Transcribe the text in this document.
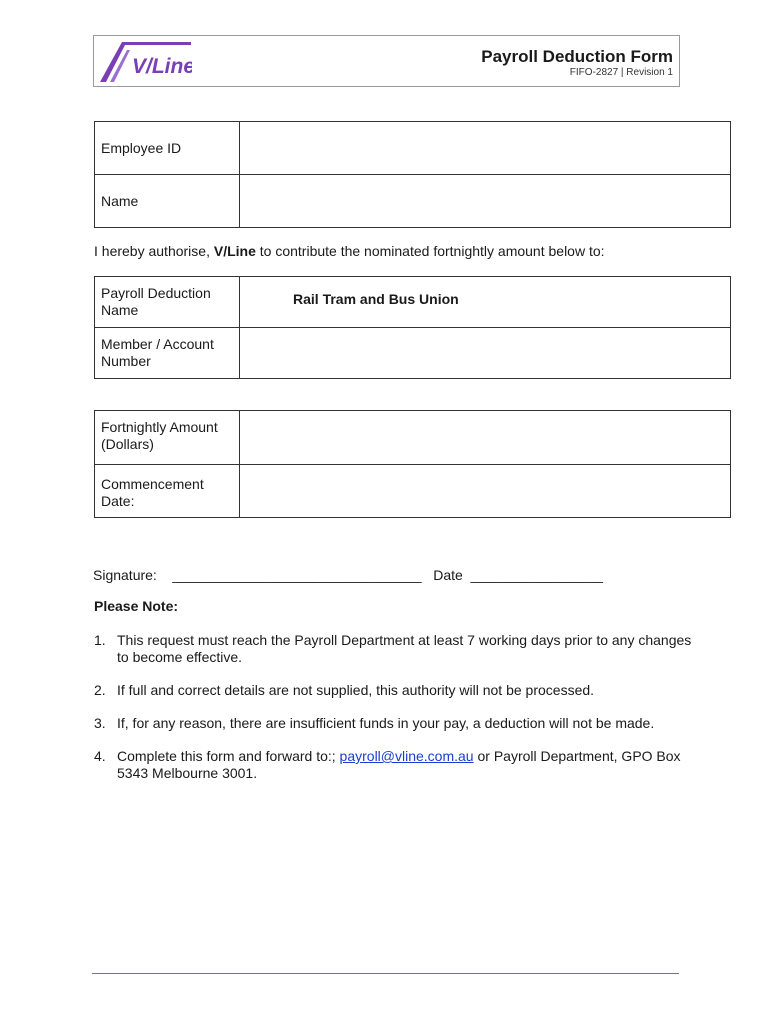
V/Line	Payroll Deduction Form
FIFO-2827 | Revision 1
Employee ID	
Name	
I hereby authorise, V/Line to contribute the nominated fortnightly amount below to:
Payroll Deduction Name	Rail Tram and Bus Union
Member / Account Number	
Fortnightly Amount (Dollars)	
Commencement Date:	
Signature:    ________________________________   Date  _________________
Please Note:
1. This request must reach the Payroll Department at least 7 working days prior to any changes to become effective.
2. If full and correct details are not supplied, this authority will not be processed.
3. If, for any reason, there are insufficient funds in your pay, a deduction will not be made.
4. Complete this form and forward to:; payroll@vline.com.au or Payroll Department, GPO Box 5343 Melbourne 3001.
